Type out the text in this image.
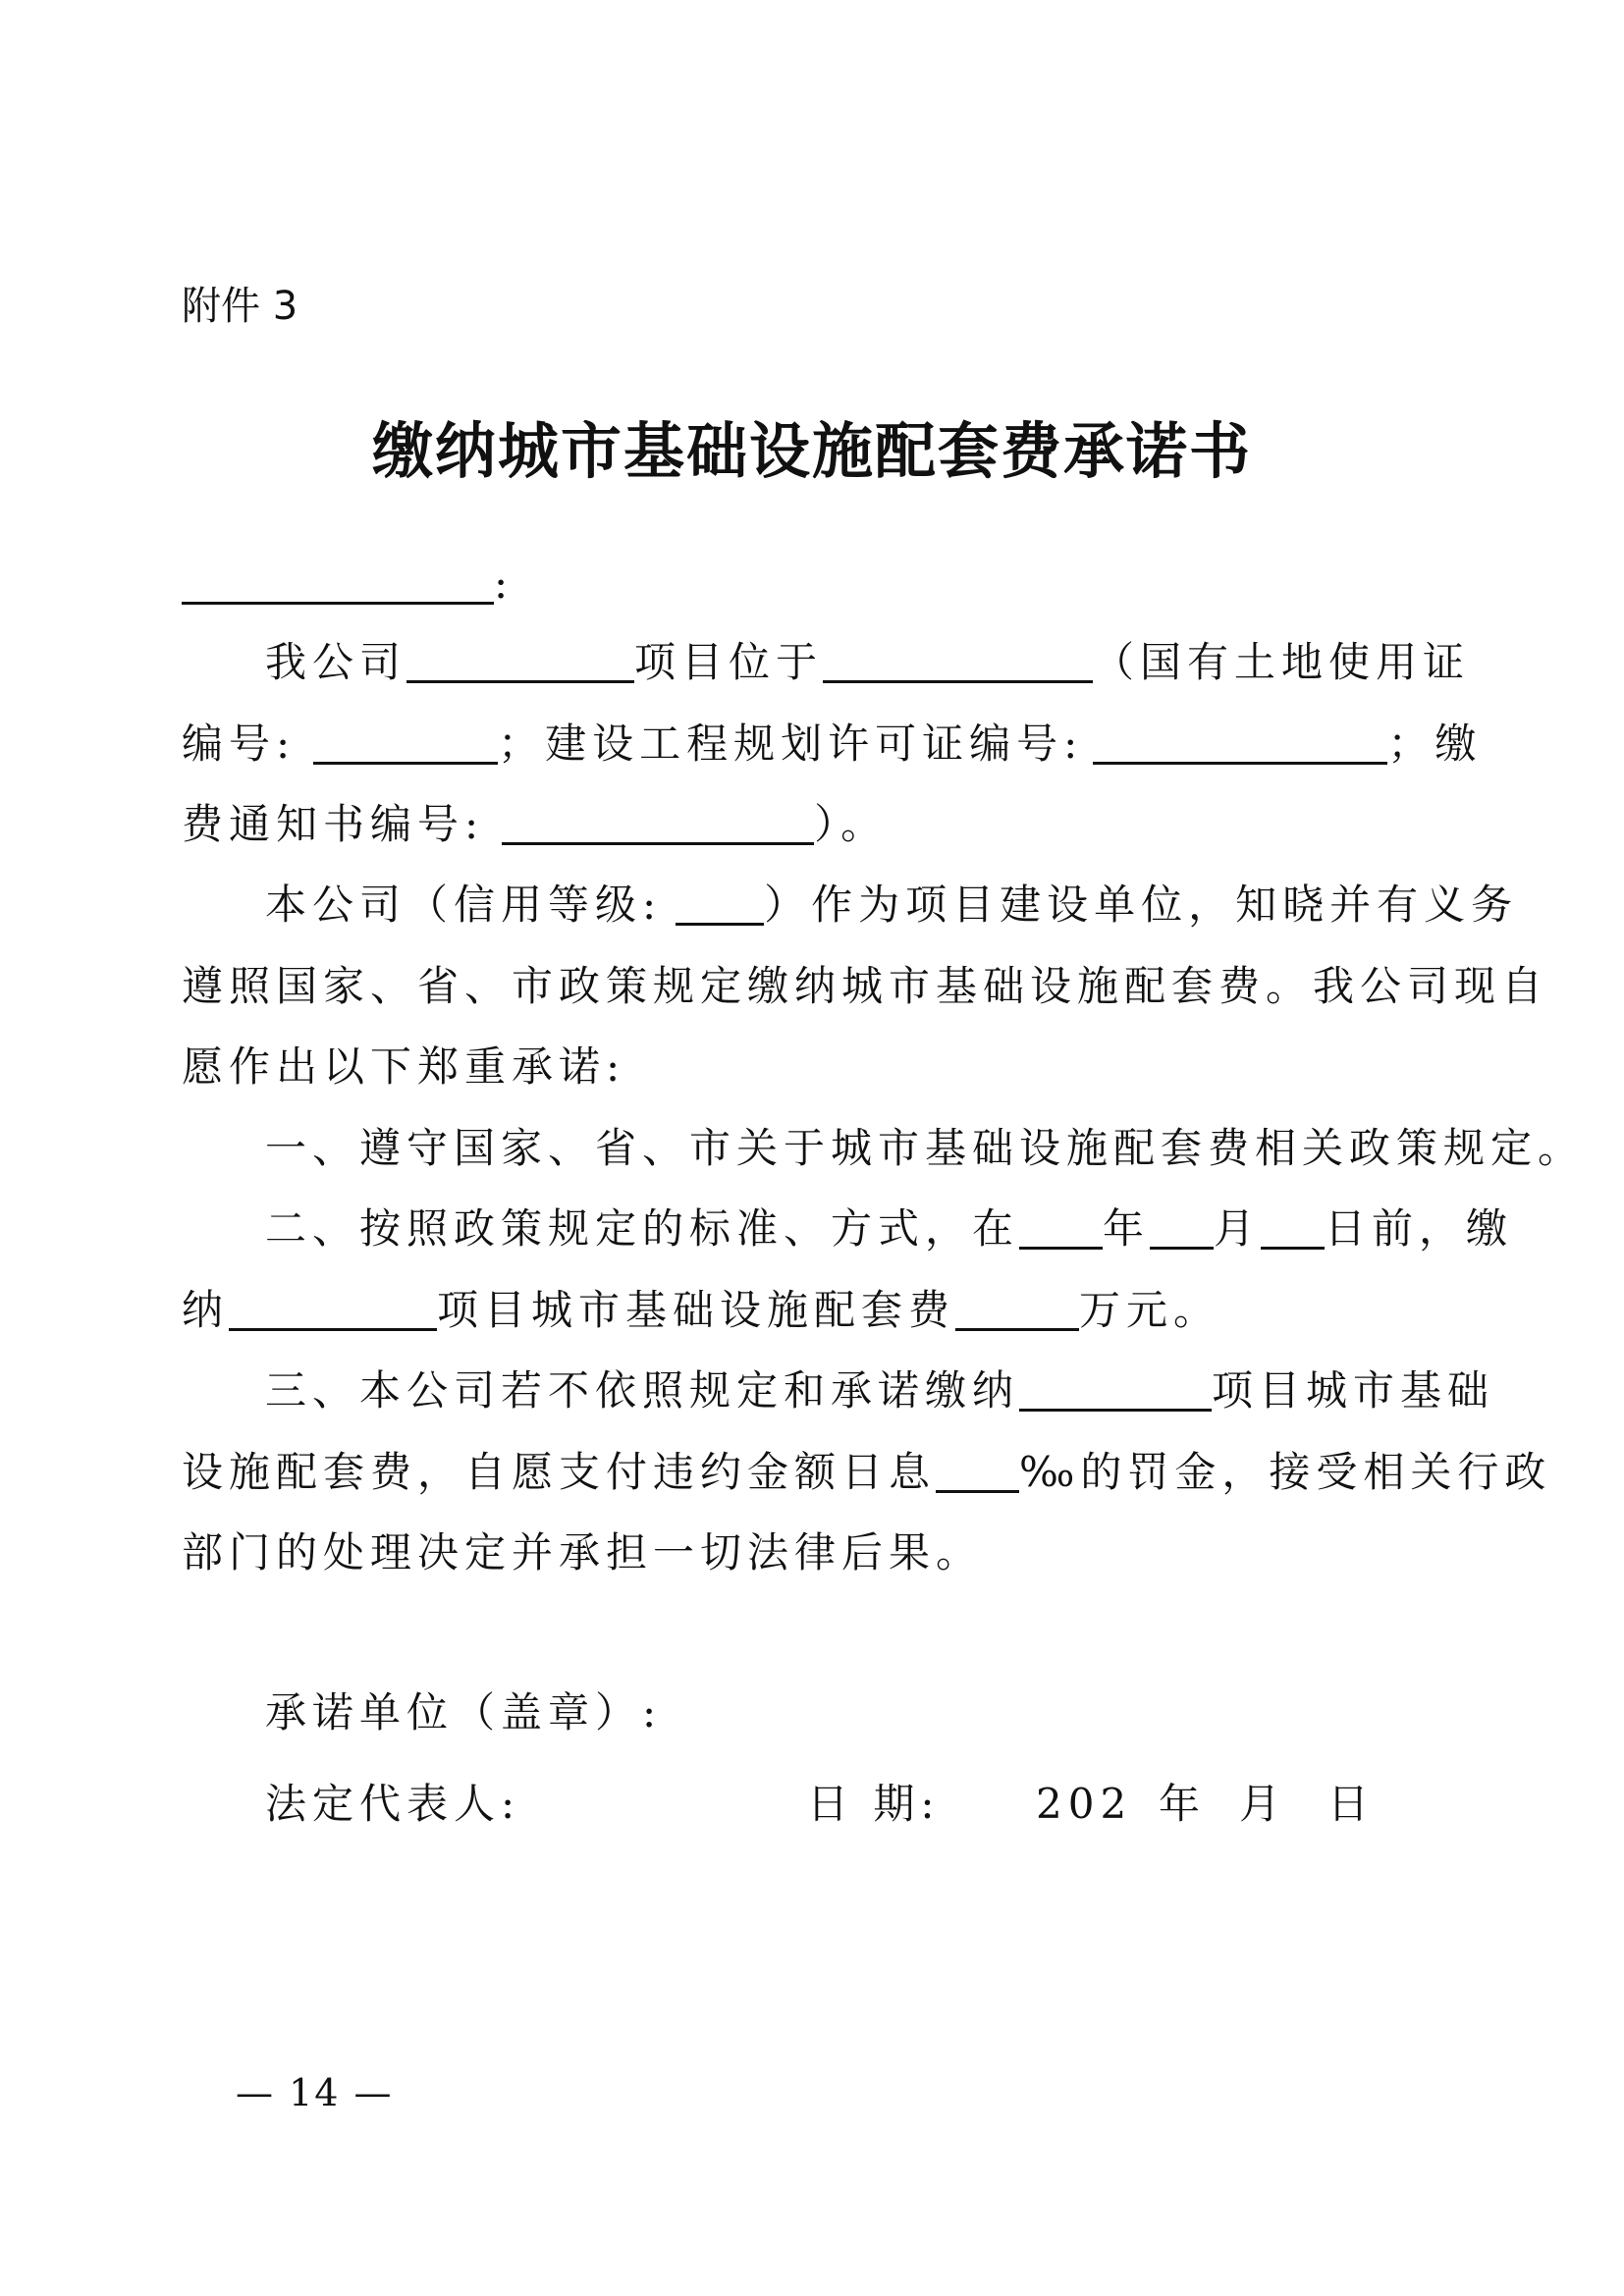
附件 3
缴纳城市基础设施配套费承诺书
:
我公司	项目位于	（国有土地使用证
编号:	；建设工程规划许可证编号:	；缴
费通知书编号:	）。
本公司（信用等级: ）作为项目建设单位，知晓并有义务
遵照国家、省、市政策规定缴纳城市基础设施配套费。我公司现自
愿作出以下郑重承诺:
一、遵守国家、省、市关于城市基础设施配套费相关政策规定。
二、按照政策规定的标准、方式，在 年 月 日前，缴
纳	项目城市基础设施配套费	万元。
三、本公司若不依照规定和承诺缴纳	项目城市基础
设施配套费，自愿支付违约金额日息 ‰的罚金，接受相关行政
部门的处理决定并承担一切法律后果。
承诺单位（盖章）:
法定代表人:	日 期: 202 年 月 日
— 14 —
